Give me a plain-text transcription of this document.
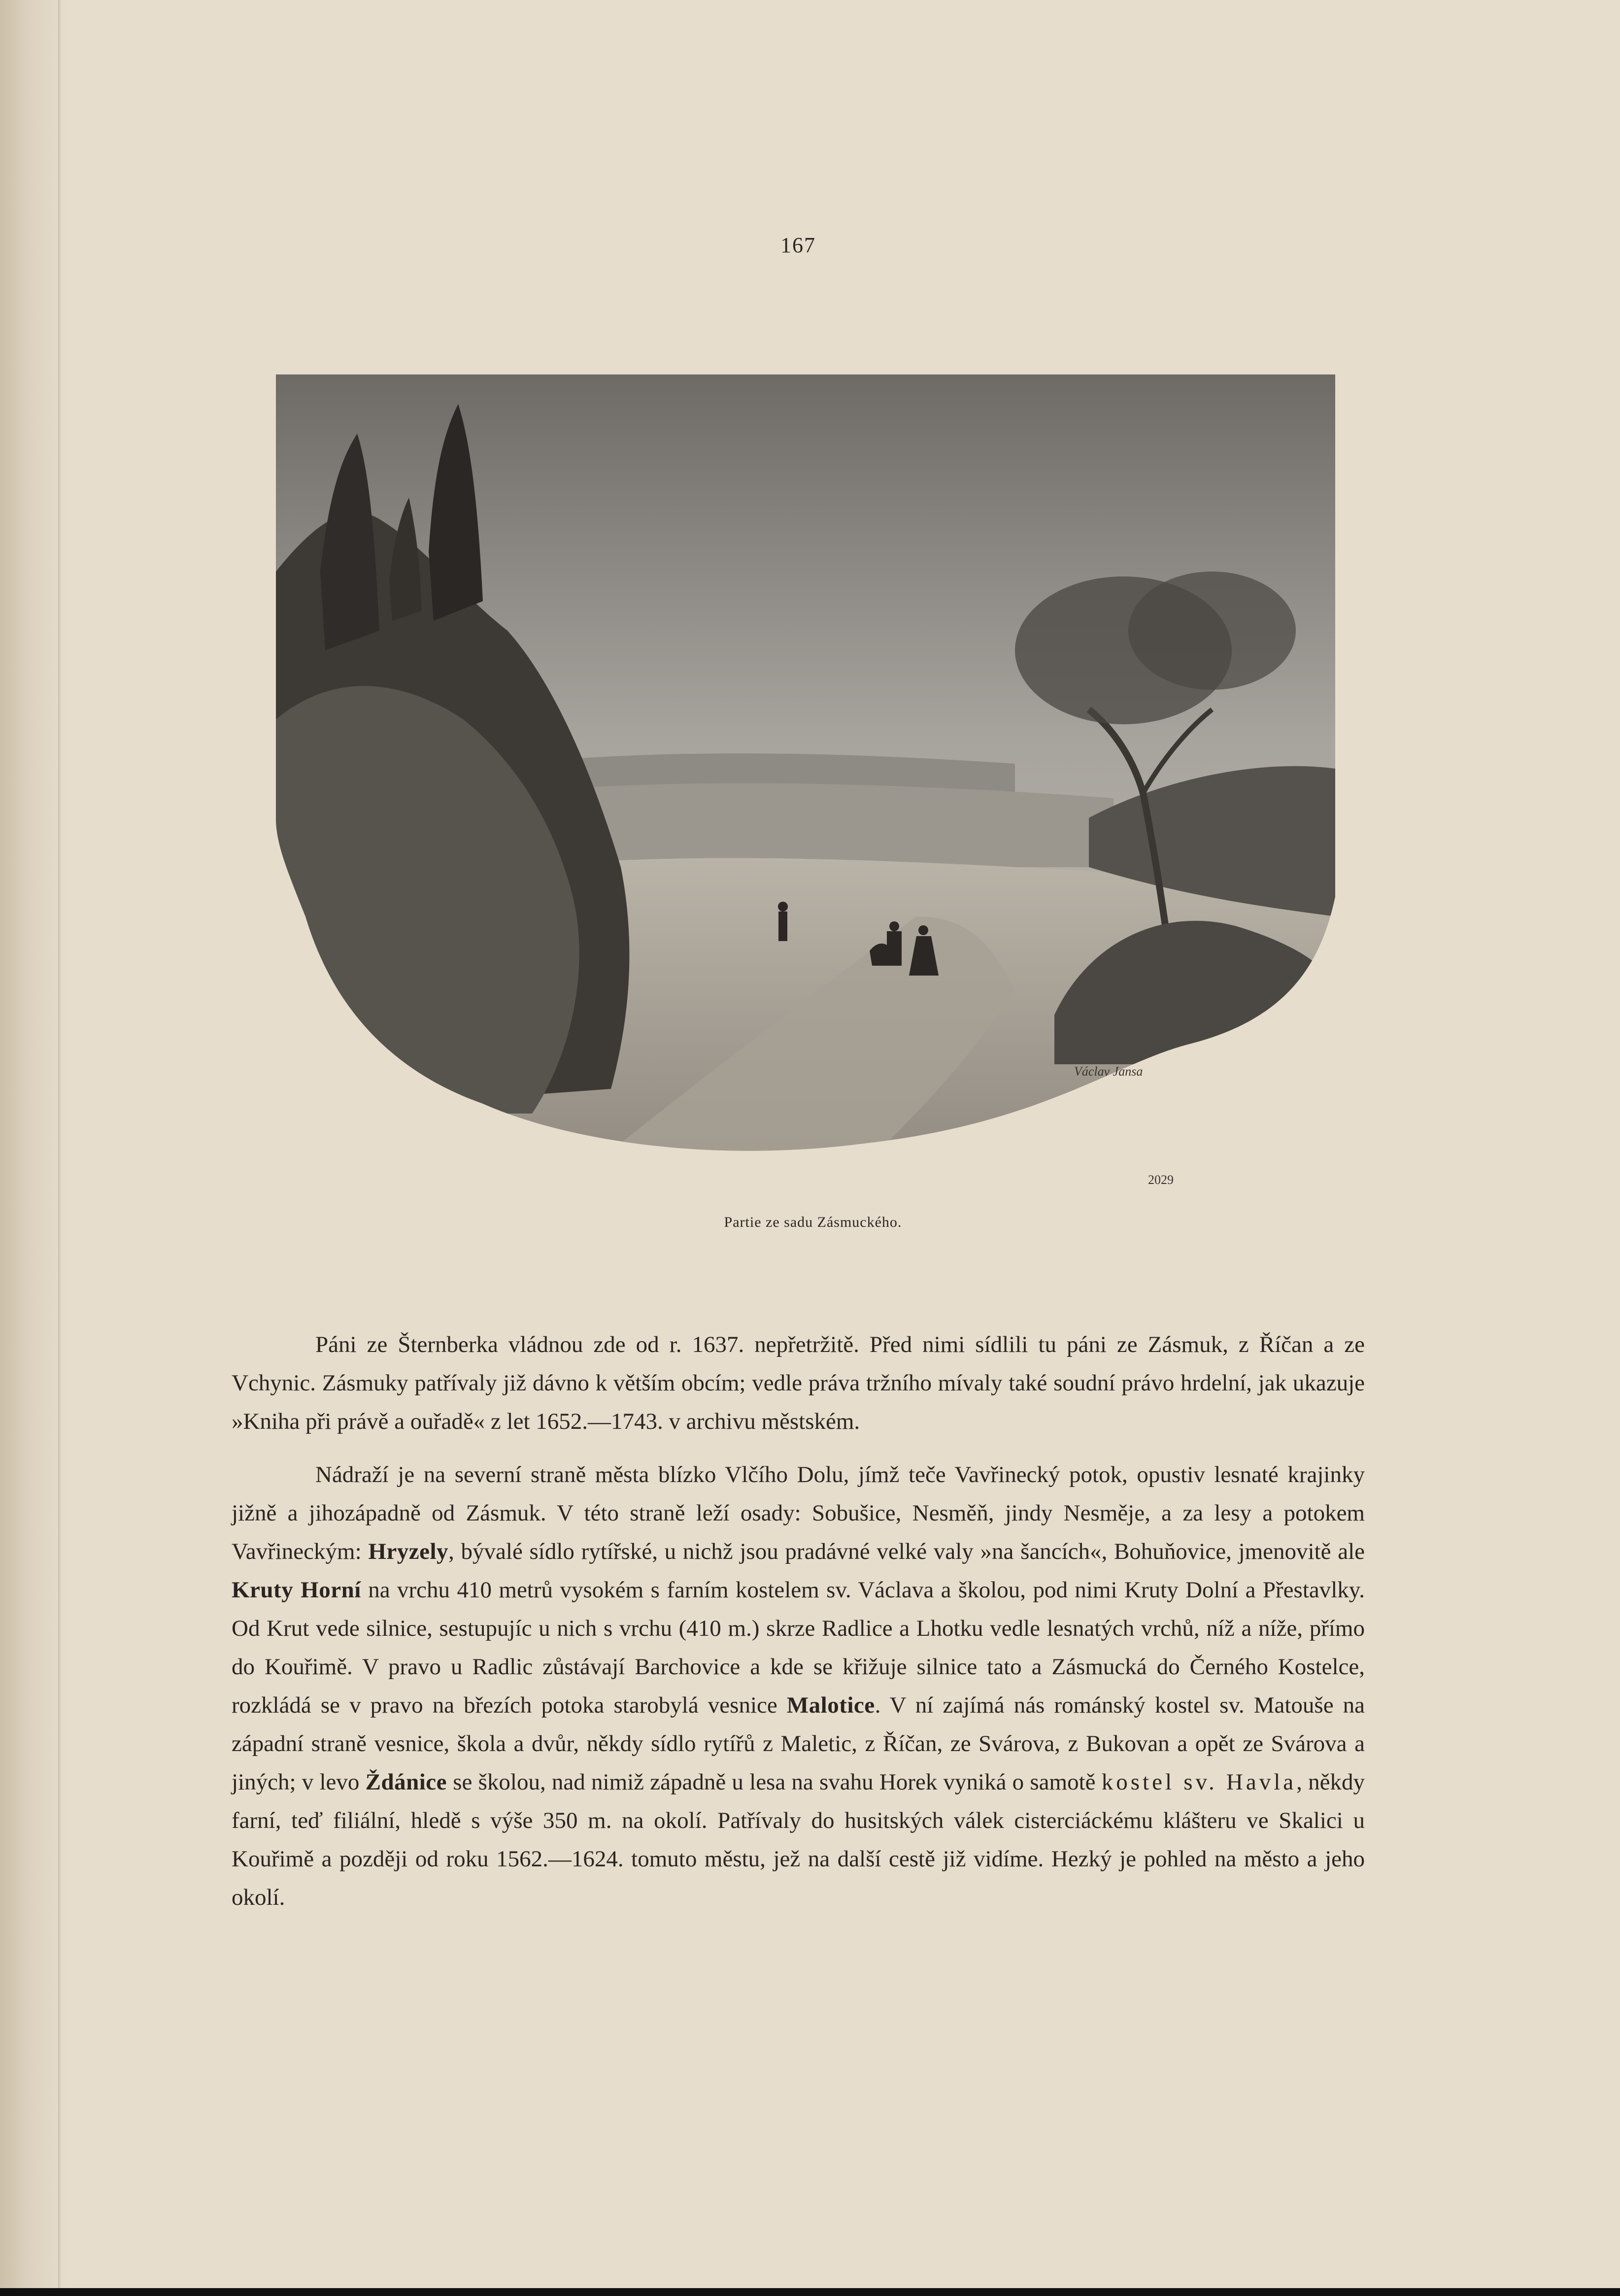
167
Václav Jansa
2029
Partie ze sadu Zásmuckého.

Páni ze Šternberka vládnou zde od r. 1637. nepřetržitě. Před nimi sídlili tu páni ze Zásmuk, z Říčan a ze Vchynic. Zásmuky patřívaly již dávno k větším obcím; vedle práva tržního mívaly také soudní právo hrdelní, jak ukazuje »Kniha při právě a ouřadě« z let 1652.—1743. v archivu městském.

Nádraží je na severní straně města blízko Vlčího Dolu, jímž teče Vavřinecký potok, opustiv lesnaté krajinky jižně a jihozápadně od Zásmuk. V této straně leží osady: Sobušice, Nesměň, jindy Nesměje, a za lesy a potokem Vavřineckým: Hryzely, bývalé sídlo rytířské, u nichž jsou pradávné velké valy »na šancích«, Bohuňovice, jmenovitě ale Kruty Horní na vrchu 410 metrů vysokém s farním kostelem sv. Václava a školou, pod nimi Kruty Dolní a Přestavlky. Od Krut vede silnice, sestupujíc u nich s vrchu (410 m.) skrze Radlice a Lhotku vedle lesnatých vrchů, níž a níže, přímo do Kouřimě. V pravo u Radlic zůstávají Barchovice a kde se křižuje silnice tato a Zásmucká do Černého Kostelce, rozkládá se v pravo na březích potoka starobylá vesnice Malotice. V ní zajímá nás románský kostel sv. Matouše na západní straně vesnice, škola a dvůr, někdy sídlo rytířů z Maletic, z Říčan, ze Svárova, z Bukovan a opět ze Svárova a jiných; v levo Ždánice se školou, nad nimiž západně u lesa na svahu Horek vyniká o samotě kostel sv. Havla, někdy farní, teď filiální, hledě s výše 350 m. na okolí. Patřívaly do husitských válek cisterciáckému klášteru ve Skalici u Kouřimě a později od roku 1562.—1624. tomuto městu, jež na další cestě již vidíme. Hezký je pohled na město a jeho okolí.
